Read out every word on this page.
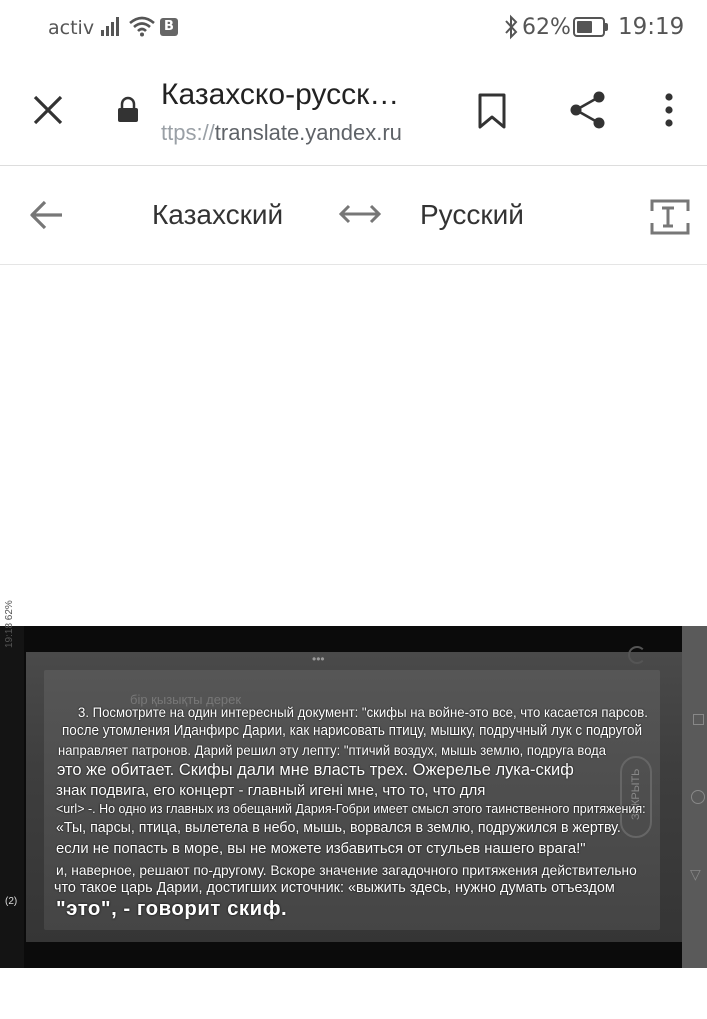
activ	В	62% 19:19
Казахско-русск…
ttps://translate.yandex.ru
Казахский	Русский
▽
•••
19:18 62%
(2)
ЗАКРЫТЬ
бір қызықты дерек
3. Посмотрите на один интересный документ: "скифы на войне-это все, что касается парсов.
после утомления Иданфирс Дарии, как нарисовать птицу, мышку, подручный лук с подругой
направляет патронов. Дарий решил эту лепту: "птичий воздух, мышь землю, подруга вода
это же обитает. Скифы дали мне власть трех. Ожерелье лука-скиф
знак подвига, его концерт - главный игені мне, что то, что для
<url> -. Но одно из главных из обещаний Дария-Гобри имеет смысл этого таинственного притяжения:
«Ты, парсы, птица, вылетела в небо, мышь, ворвался в землю, подружился в жертву.
если не попасть в море, вы не можете избавиться от стульев нашего врага!"
и, наверное, решают по-другому. Вскоре значение загадочного притяжения действительно
что такое царь Дарии, достигших источник: «выжить здесь, нужно думать отъездом
"это", - говорит скиф.
